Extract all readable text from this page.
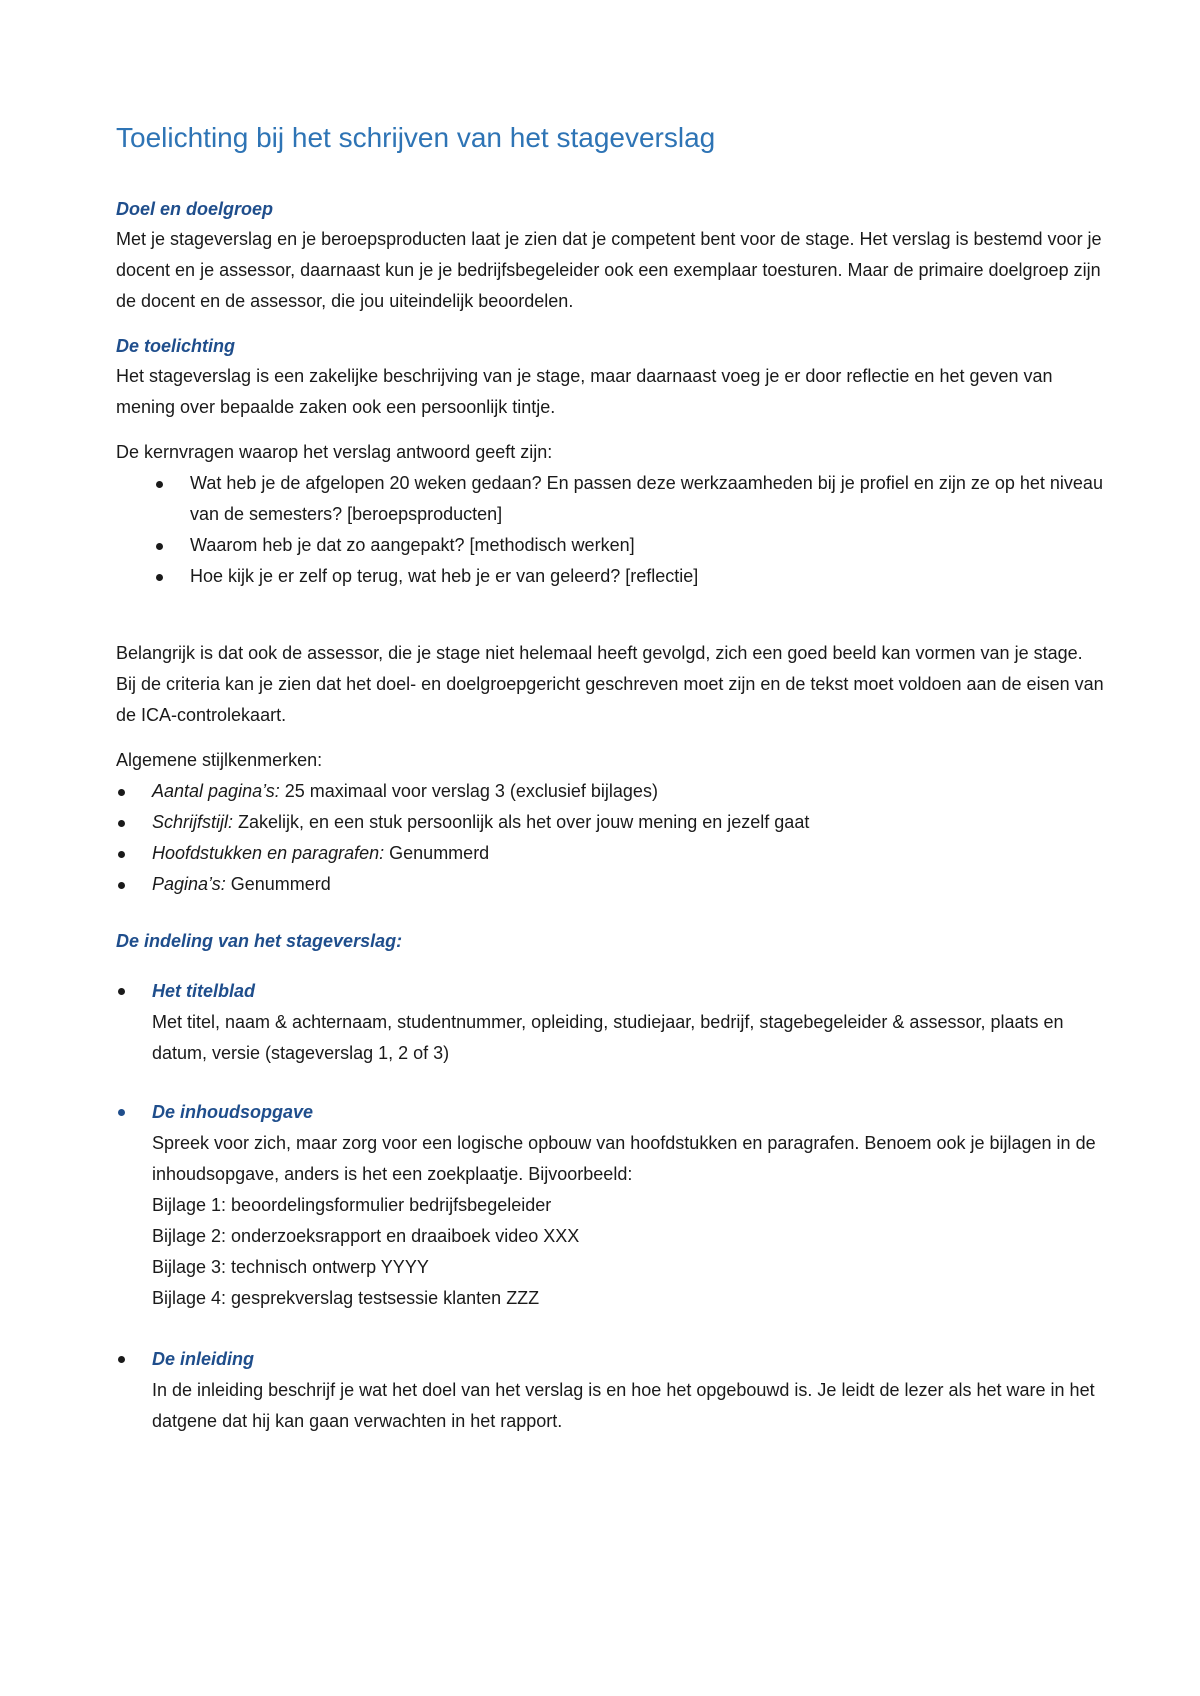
Toelichting bij het schrijven van het stageverslag
Doel en doelgroep

Met je stageverslag en je beroepsproducten laat je zien dat je competent bent voor de stage. Het verslag is bestemd voor je docent en je assessor, daarnaast kun je je bedrijfsbegeleider ook een exemplaar toesturen. Maar de primaire doelgroep zijn de docent en de assessor, die jou uiteindelijk beoordelen.

De toelichting

Het stageverslag is een zakelijke beschrijving van je stage, maar daarnaast voeg je er door reflectie en het geven van mening over bepaalde zaken ook een persoonlijk tintje.

De kernvragen waarop het verslag antwoord geeft zijn:

Wat heb je de afgelopen 20 weken gedaan? En passen deze werkzaamheden bij je profiel en zijn ze op het niveau van de semesters? [beroepsproducten]
Waarom heb je dat zo aangepakt? [methodisch werken]
Hoe kijk je er zelf op terug, wat heb je er van geleerd? [reflectie]

Belangrijk is dat ook de assessor, die je stage niet helemaal heeft gevolgd, zich een goed beeld kan vormen van je stage. Bij de criteria kan je zien dat het doel- en doelgroepgericht geschreven moet zijn en de tekst moet voldoen aan de eisen van de ICA-controlekaart.

Algemene stijlkenmerken:

Aantal pagina’s: 25 maximaal voor verslag 3 (exclusief bijlages)
Schrijfstijl: Zakelijk, en een stuk persoonlijk als het over jouw mening en jezelf gaat
Hoofdstukken en paragrafen: Genummerd
Pagina’s: Genummerd
De indeling van het stageverslag:
Het titelblad

Met titel, naam & achternaam, studentnummer, opleiding, studiejaar, bedrijf, stagebegeleider & assessor, plaats en datum, versie (stageverslag 1, 2 of 3)

De inhoudsopgave

Spreek voor zich, maar zorg voor een logische opbouw van hoofdstukken en paragrafen. Benoem ook je bijlagen in de inhoudsopgave, anders is het een zoekplaatje. Bijvoorbeeld:

Bijlage 1: beoordelingsformulier bedrijfsbegeleider

Bijlage 2: onderzoeksrapport en draaiboek video XXX

Bijlage 3: technisch ontwerp YYYY

Bijlage 4: gesprekverslag testsessie klanten ZZZ

De inleiding

In de inleiding beschrijf je wat het doel van het verslag is en hoe het opgebouwd is. Je leidt de lezer als het ware in het datgene dat hij kan gaan verwachten in het rapport.
